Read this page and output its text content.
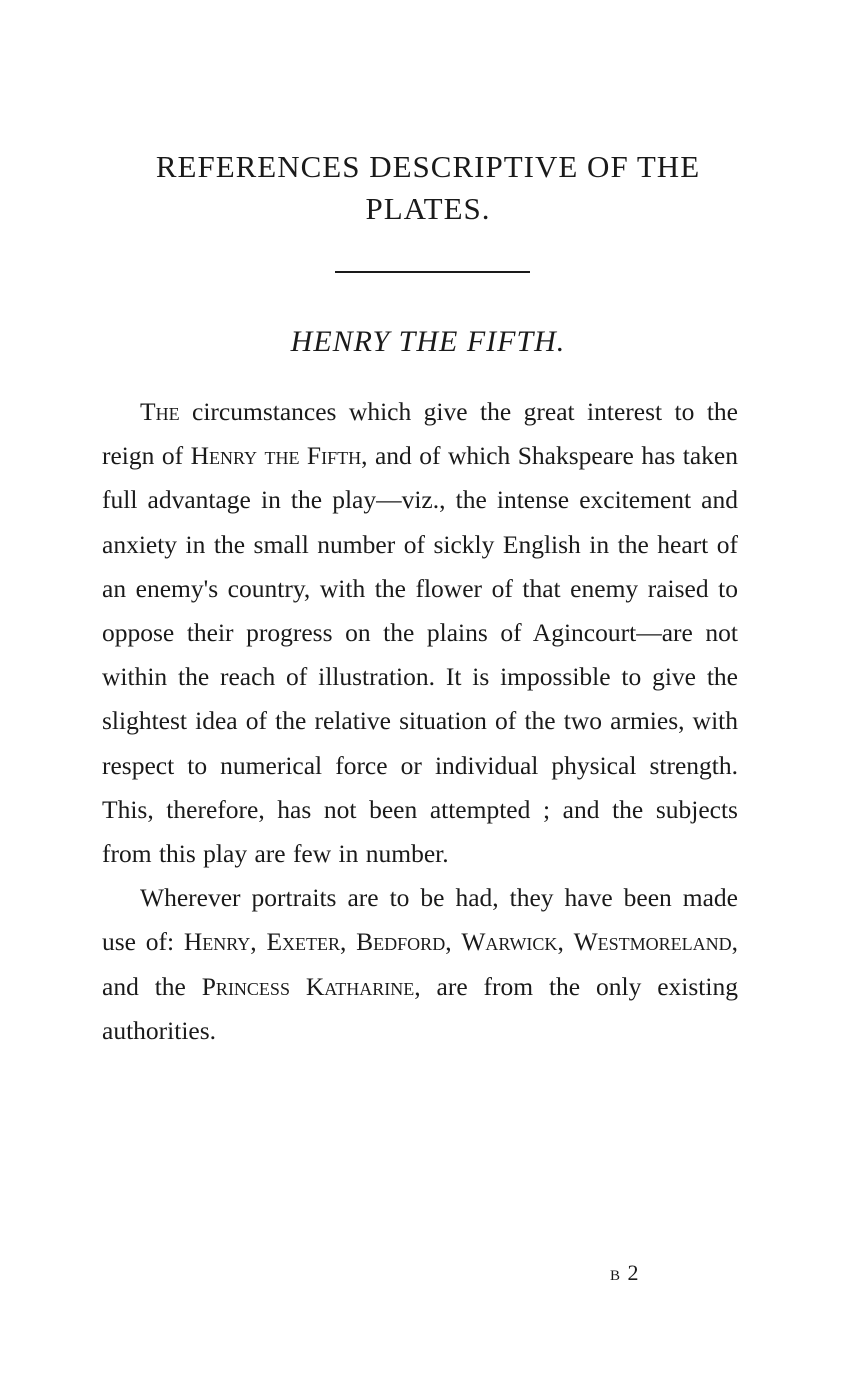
REFERENCES DESCRIPTIVE OF THE
PLATES.
HENRY THE FIFTH.

The circumstances which give the great interest to the reign of Henry the Fifth, and of which Shakspeare has taken full advantage in the play—viz., the intense excitement and anxiety in the small number of sickly English in the heart of an enemy's country, with the flower of that enemy raised to oppose their progress on the plains of Agincourt—are not within the reach of illustration. It is impossible to give the slightest idea of the relative situation of the two armies, with respect to numerical force or individual physical strength. This, therefore, has not been attempted ; and the subjects from this play are few in number.

Wherever portraits are to be had, they have been made use of: Henry, Exeter, Bedford, Warwick, Westmoreland, and the Princess Katharine, are from the only existing authorities.

B 2
